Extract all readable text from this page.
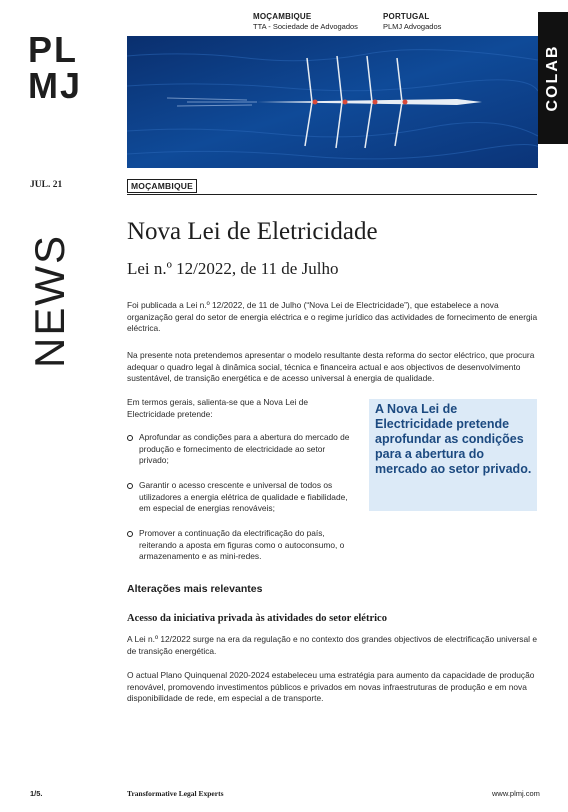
PL
MJ
MOÇAMBIQUE
TTA - Sociedade de Advogados
PORTUGAL
PLMJ Advogados
COLAB
JUL. 21	MOÇAMBIQUE
NEWS
Nova Lei de Eletricidade
Lei n.º 12/2022, de 11 de Julho
Foi publicada a Lei n.º 12/2022, de 11 de Julho (“Nova Lei de Electricidade”), que estabelece a nova organização geral do setor de energia eléctrica e o regime jurídico das actividades de fornecimento de energia eléctrica.
Na presente nota pretendemos apresentar o modelo resultante desta reforma do sector eléctrico, que procura adequar o quadro legal à dinâmica social, técnica e financeira actual e aos objectivos de desenvolvimento sustentável, de transição energética e de acesso universal à energia de qualidade.
Em termos gerais, salienta-se que a Nova Lei de Electricidade pretende:
Aprofundar as condições para a abertura do mercado de produção e fornecimento de electricidade ao setor privado;
Garantir o acesso crescente e universal de todos os utilizadores a energia elétrica de qualidade e fiabilidade, em especial de energias renováveis;
Promover a continuação da electrificação do país, reiterando a aposta em figuras como o autoconsumo, o armazenamento e as mini-redes.
A Nova Lei de Electricidade pretende aprofundar as condições para a abertura do mercado ao setor privado.
Alterações mais relevantes
Acesso da iniciativa privada às atividades do setor elétrico
A Lei n.º 12/2022 surge na era da regulação e no contexto dos grandes objectivos de electrificação universal e de transição energética.
O actual Plano Quinquenal 2020-2024 estabeleceu uma estratégia para aumento da capacidade de produção renovável, promovendo investimentos públicos e privados em novas infraestruturas de produção e em nova disponibilidade de rede, em especial a de transporte.
1/5.	Transformative Legal Experts	www.plmj.com
